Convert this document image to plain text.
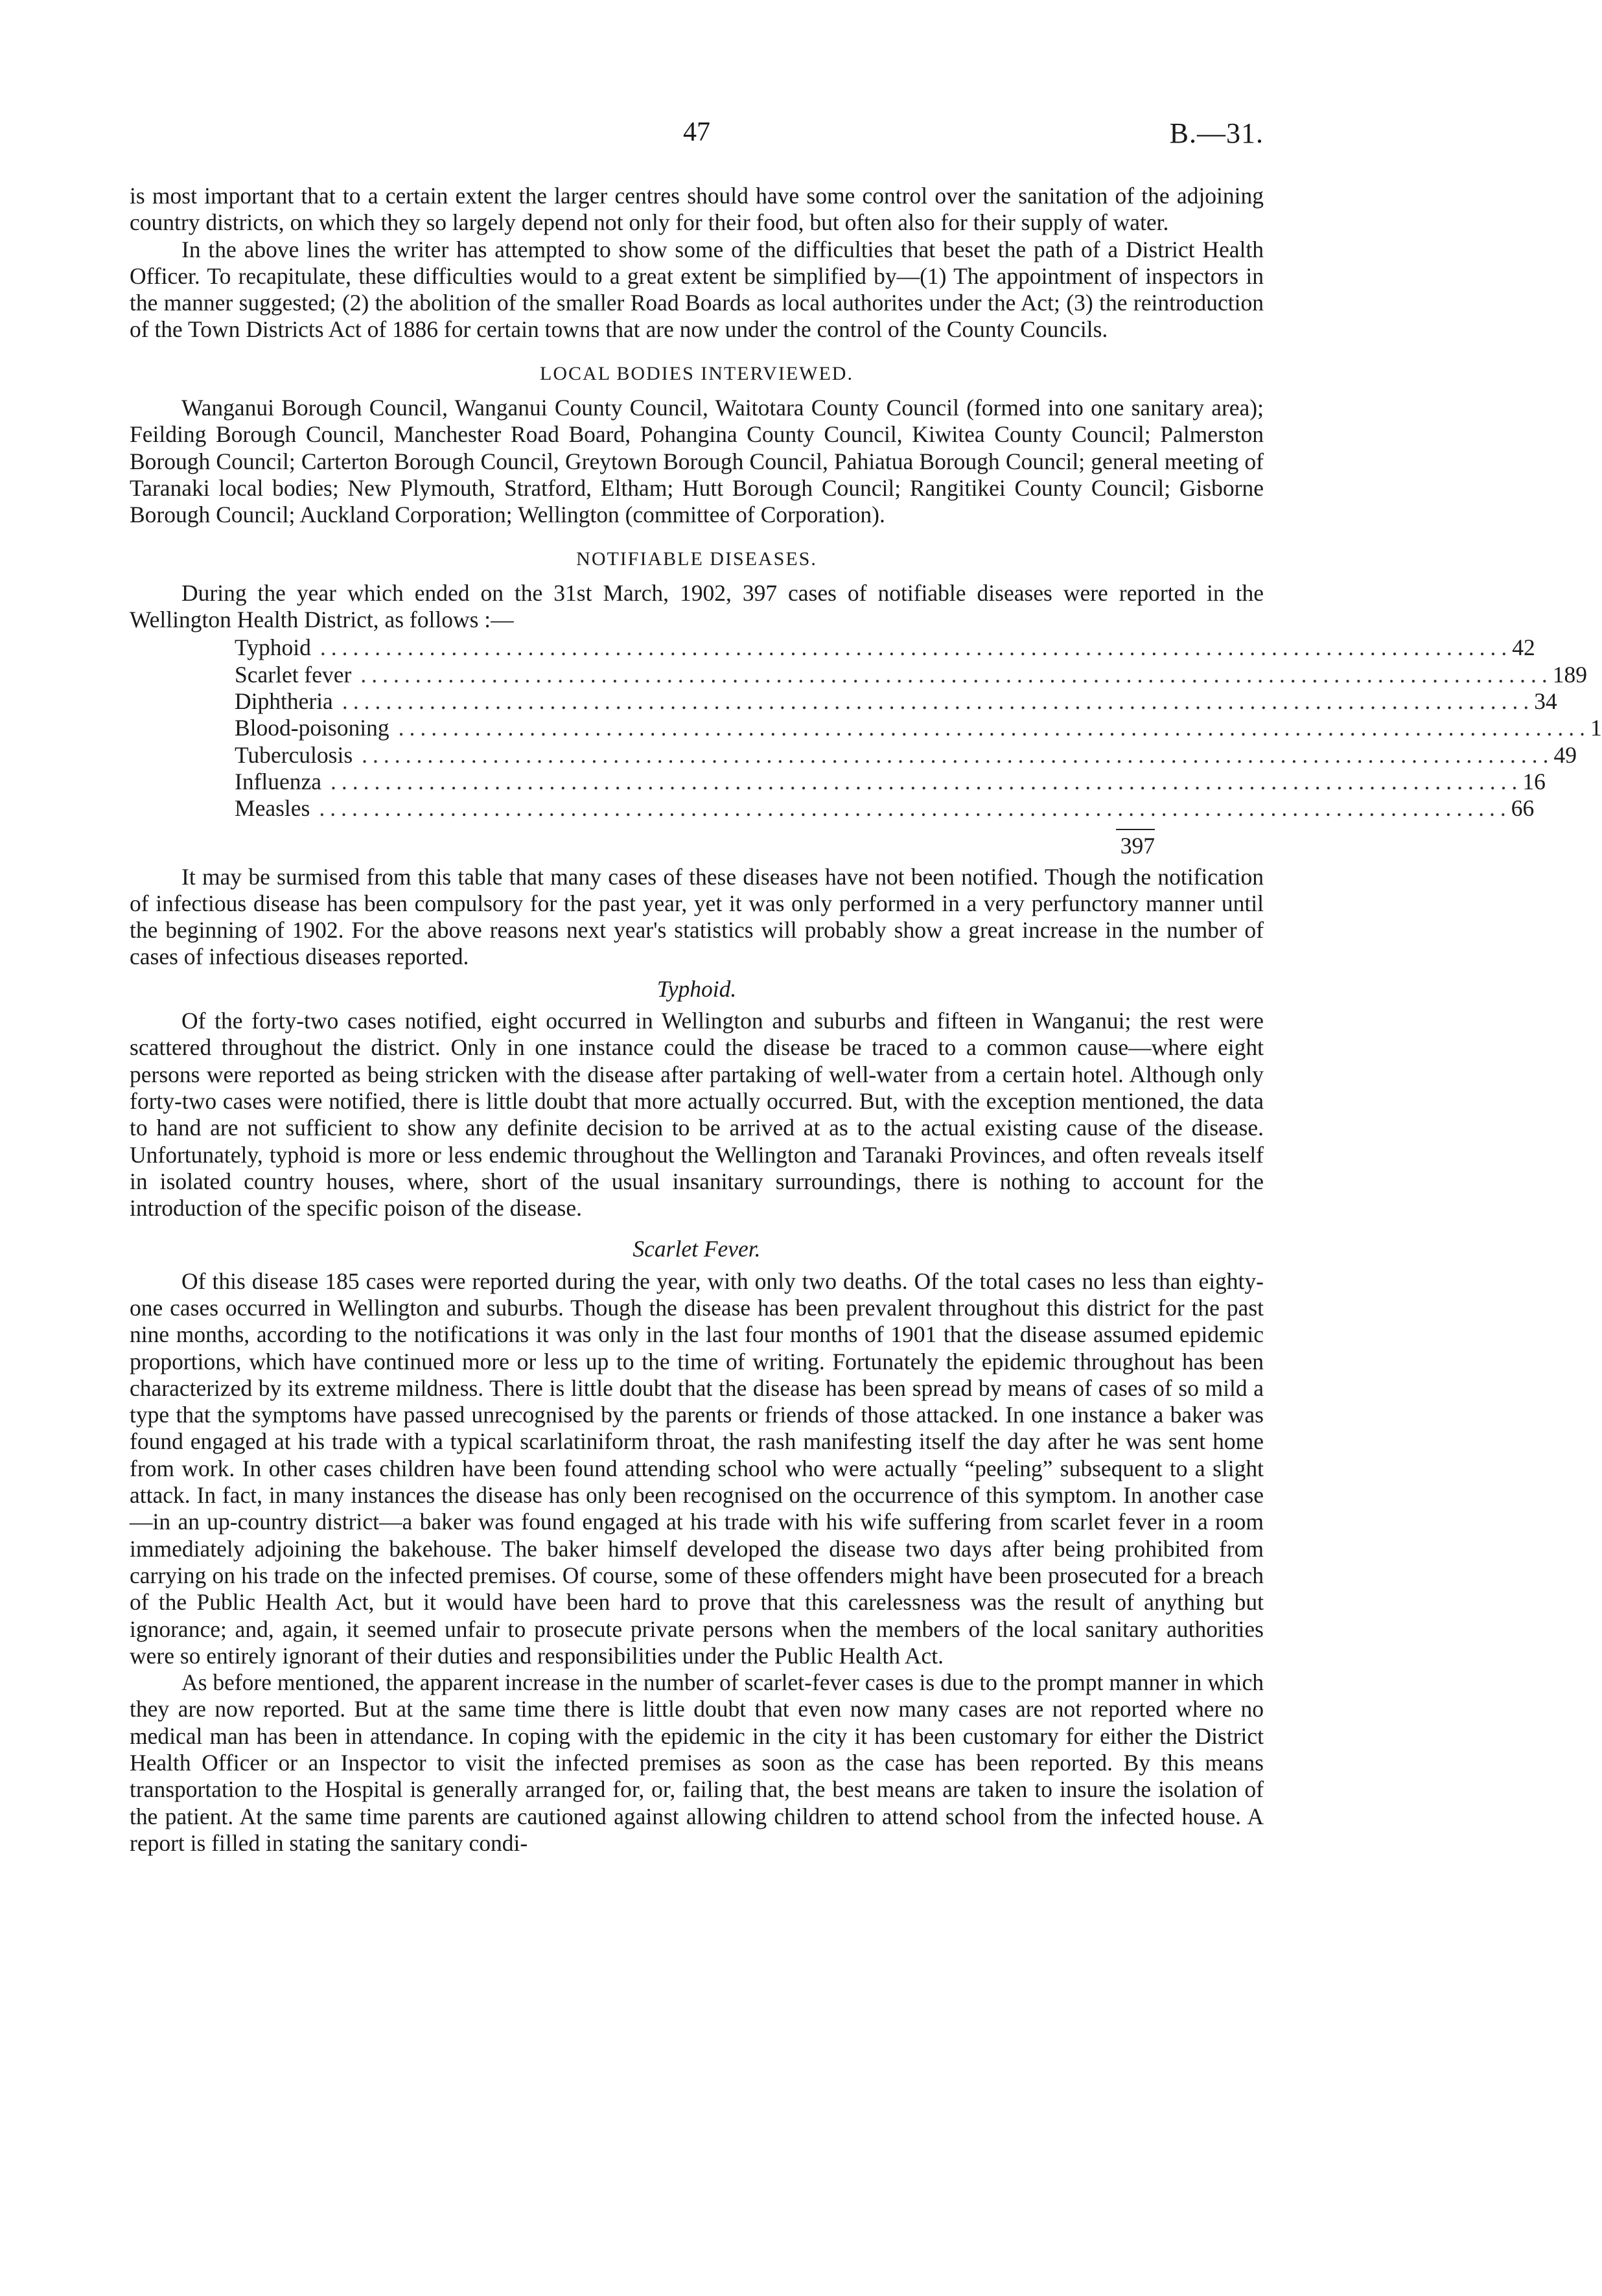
47	B.—31.

is most important that to a certain extent the larger centres should have some control over the sanitation of the adjoining country districts, on which they so largely depend not only for their food, but often also for their supply of water.

In the above lines the writer has attempted to show some of the difficulties that beset the path of a District Health Officer. To recapitulate, these difficulties would to a great extent be simplified by—(1) The appointment of inspectors in the manner suggested; (2) the abolition of the smaller Road Boards as local authorites under the Act; (3) the reintroduction of the Town Districts Act of 1886 for certain towns that are now under the control of the County Councils.

LOCAL BODIES INTERVIEWED.

Wanganui Borough Council, Wanganui County Council, Waitotara County Council (formed into one sanitary area); Feilding Borough Council, Manchester Road Board, Pohangina County Council, Kiwitea County Council; Palmerston Borough Council; Carterton Borough Council, Greytown Borough Council, Pahiatua Borough Council; general meeting of Taranaki local bodies; New Plymouth, Stratford, Eltham; Hutt Borough Council; Rangitikei County Council; Gisborne Borough Council; Auckland Corporation; Wellington (committee of Corporation).

NOTIFIABLE DISEASES.

During the year which ended on the 31st March, 1902, 397 cases of notifiable diseases were reported in the Wellington Health District, as follows :—

Typhoid ............................................................................................................. 42
Scarlet fever ............................................................................................................. 189
Diphtheria ............................................................................................................. 34
Blood-poisoning ............................................................................................................. 1
Tuberculosis ............................................................................................................. 49
Influenza ............................................................................................................. 16
Measles ............................................................................................................. 66
397

It may be surmised from this table that many cases of these diseases have not been notified. Though the notification of infectious disease has been compulsory for the past year, yet it was only performed in a very perfunctory manner until the beginning of 1902. For the above reasons next year's statistics will probably show a great increase in the number of cases of infectious diseases reported.

Typhoid.

Of the forty-two cases notified, eight occurred in Wellington and suburbs and fifteen in Wanganui; the rest were scattered throughout the district. Only in one instance could the disease be traced to a common cause—where eight persons were reported as being stricken with the disease after partaking of well-water from a certain hotel. Although only forty-two cases were notified, there is little doubt that more actually occurred. But, with the exception mentioned, the data to hand are not sufficient to show any definite decision to be arrived at as to the actual existing cause of the disease. Unfortunately, typhoid is more or less endemic throughout the Wellington and Taranaki Provinces, and often reveals itself in isolated country houses, where, short of the usual insanitary surroundings, there is nothing to account for the introduction of the specific poison of the disease.

Scarlet Fever.

Of this disease 185 cases were reported during the year, with only two deaths. Of the total cases no less than eighty-one cases occurred in Wellington and suburbs. Though the disease has been prevalent throughout this district for the past nine months, according to the notifications it was only in the last four months of 1901 that the disease assumed epidemic proportions, which have continued more or less up to the time of writing. Fortunately the epidemic throughout has been characterized by its extreme mildness. There is little doubt that the disease has been spread by means of cases of so mild a type that the symptoms have passed unrecognised by the parents or friends of those attacked. In one instance a baker was found engaged at his trade with a typical scarlatiniform throat, the rash manifesting itself the day after he was sent home from work. In other cases children have been found attending school who were actually “peeling” subsequent to a slight attack. In fact, in many instances the disease has only been recognised on the occurrence of this symptom. In another case—in an up-country district—a baker was found engaged at his trade with his wife suffering from scarlet fever in a room immediately adjoining the bakehouse. The baker himself developed the disease two days after being prohibited from carrying on his trade on the infected premises. Of course, some of these offenders might have been prosecuted for a breach of the Public Health Act, but it would have been hard to prove that this carelessness was the result of anything but ignorance; and, again, it seemed unfair to prosecute private persons when the members of the local sanitary authorities were so entirely ignorant of their duties and responsibilities under the Public Health Act.

As before mentioned, the apparent increase in the number of scarlet-fever cases is due to the prompt manner in which they are now reported. But at the same time there is little doubt that even now many cases are not reported where no medical man has been in attendance. In coping with the epidemic in the city it has been customary for either the District Health Officer or an Inspector to visit the infected premises as soon as the case has been reported. By this means transportation to the Hospital is generally arranged for, or, failing that, the best means are taken to insure the isolation of the patient. At the same time parents are cautioned against allowing children to attend school from the infected house. A report is filled in stating the sanitary condi-
